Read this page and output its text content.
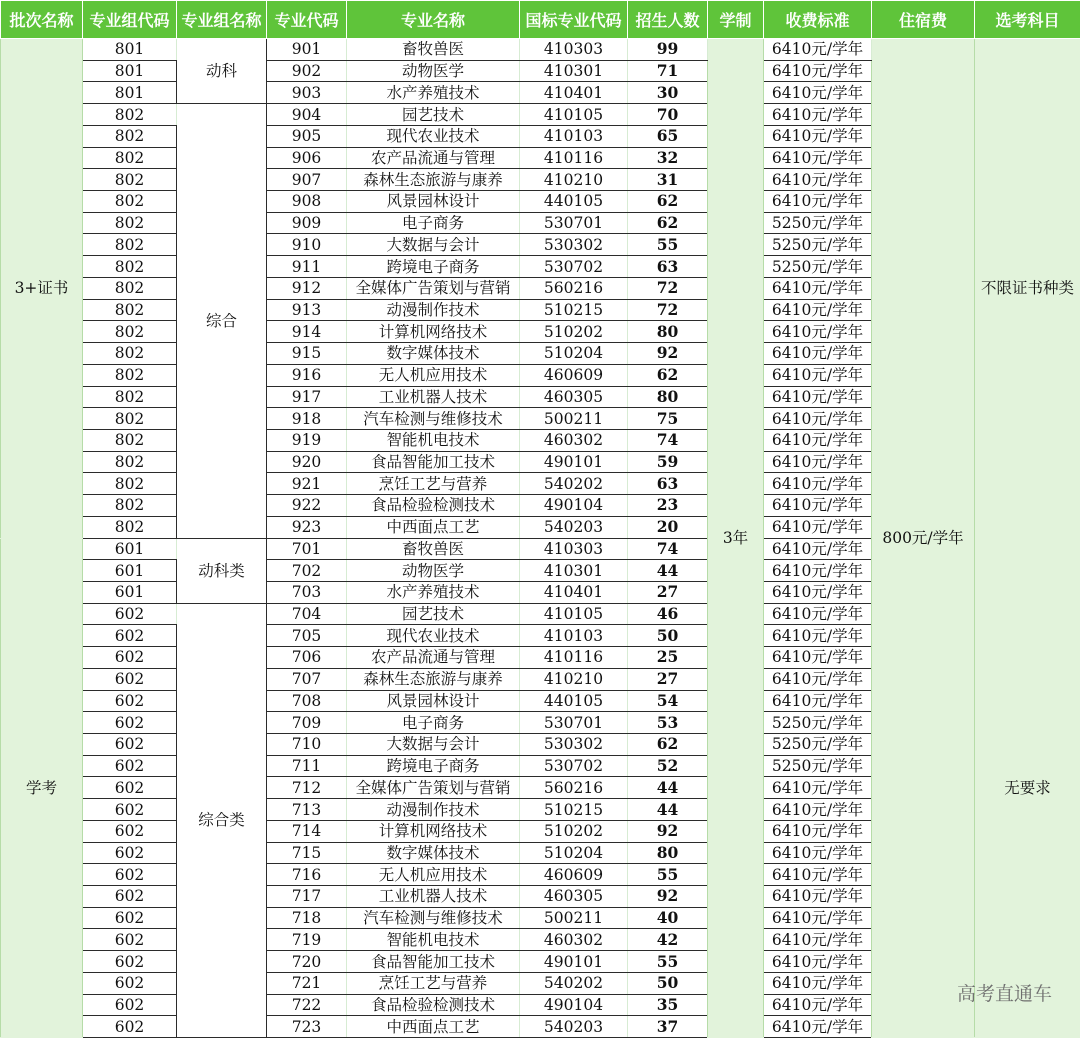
批次名称	专业组代码	专业组名称	专业代码	专业名称	国标专业代码	招生人数	学制	收费标准	住宿费	选考科目
3+证书	801	动科	901	畜牧兽医	410303	99	3年	6410元/学年	800元/学年	不限证书种类
	801		902	动物医学	410301	71		6410元/学年		
	801		903	水产养殖技术	410401	30		6410元/学年		
	802	综合	904	园艺技术	410105	70		6410元/学年		
	802		905	现代农业技术	410103	65		6410元/学年		
	802		906	农产品流通与管理	410116	32		6410元/学年		
	802		907	森林生态旅游与康养	410210	31		6410元/学年		
	802		908	风景园林设计	440105	62		6410元/学年		
	802		909	电子商务	530701	62		5250元/学年		
	802		910	大数据与会计	530302	55		5250元/学年		
	802		911	跨境电子商务	530702	63		5250元/学年		
	802		912	全媒体广告策划与营销	560216	72		6410元/学年		
	802		913	动漫制作技术	510215	72		6410元/学年		
	802		914	计算机网络技术	510202	80		6410元/学年		
	802		915	数字媒体技术	510204	92		6410元/学年		
	802		916	无人机应用技术	460609	62		6410元/学年		
	802		917	工业机器人技术	460305	80		6410元/学年		
	802		918	汽车检测与维修技术	500211	75		6410元/学年		
	802		919	智能机电技术	460302	74		6410元/学年		
	802		920	食品智能加工技术	490101	59		6410元/学年		
	802		921	烹饪工艺与营养	540202	63		6410元/学年		
	802		922	食品检验检测技术	490104	23		6410元/学年		
	802		923	中西面点工艺	540203	20		6410元/学年		
学考	601	动科类	701	畜牧兽医	410303	74		6410元/学年		无要求
	601		702	动物医学	410301	44		6410元/学年		
	601		703	水产养殖技术	410401	27		6410元/学年		
	602	综合类	704	园艺技术	410105	46		6410元/学年		
	602		705	现代农业技术	410103	50		6410元/学年		
	602		706	农产品流通与管理	410116	25		6410元/学年		
	602		707	森林生态旅游与康养	410210	27		6410元/学年		
	602		708	风景园林设计	440105	54		6410元/学年		
	602		709	电子商务	530701	53		5250元/学年		
	602		710	大数据与会计	530302	62		5250元/学年		
	602		711	跨境电子商务	530702	52		5250元/学年		
	602		712	全媒体广告策划与营销	560216	44		6410元/学年		
	602		713	动漫制作技术	510215	44		6410元/学年		
	602		714	计算机网络技术	510202	92		6410元/学年		
	602		715	数字媒体技术	510204	80		6410元/学年		
	602		716	无人机应用技术	460609	55		6410元/学年		
	602		717	工业机器人技术	460305	92		6410元/学年		
	602		718	汽车检测与维修技术	500211	40		6410元/学年		
	602		719	智能机电技术	460302	42		6410元/学年		
	602		720	食品智能加工技术	490101	55		6410元/学年		
	602		721	烹饪工艺与营养	540202	50		6410元/学年		
	602		722	食品检验检测技术	490104	35		6410元/学年		
	602		723	中西面点工艺	540203	37		6410元/学年		
高考直通车
